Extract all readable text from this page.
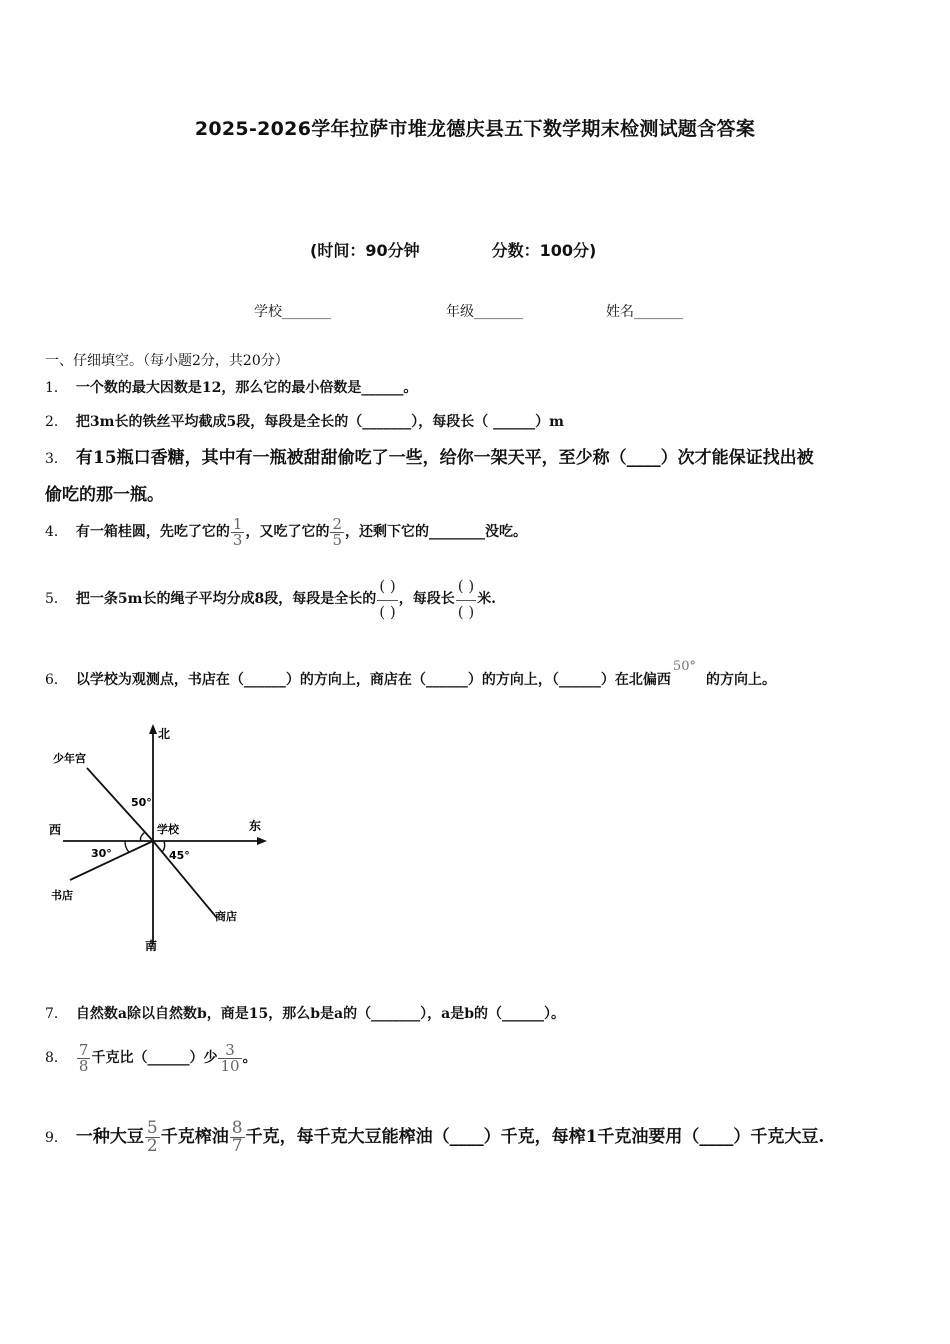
2025-2026学年拉萨市堆龙德庆县五下数学期末检测试题含答案
(时间：90分钟	分数：100分)
学校_______	年级_______	姓名_______
一、仔细填空。（每小题2分，共20分）
1． 一个数的最大因数是12，那么它的最小倍数是______。
2． 把3m长的铁丝平均截成5段，每段是全长的（_______），每段长（ ______）m
3． 有15瓶口香糖，其中有一瓶被甜甜偷吃了一些，给你一架天平，至少称（____）次才能保证找出被
偷吃的那一瓶。
4． 有一箱桂圆，先吃了它的 $\frac{1}{3}$ ，又吃了它的 $\frac{2}{5}$ ，还剩下它的________没吃。
5． 把一条5m长的绳子平均分成8段，每段是全长的 $\frac{( )}{( )}$ ，每段长 $\frac{( )}{( )}$ 米.
6． 以学校为观测点，书店在（______）的方向上，商店在（______）的方向上，（______）在北偏西50°的方向上。
北
南
东
西	学校
少年宫
书店
商店
50°
30°	45°
7． 自然数a除以自然数b，商是15，那么b是a的（_______），a是b的（______）。
8． $\frac{7}{8}$ 千克比（______）少 $\frac{3}{10}$ 。
9． 一种大豆 $\frac{5}{2}$ 千克榨油 $\frac{8}{7}$ 千克，每千克大豆能榨油（____）千克，每榨1千克油要用（____）千克大豆.
